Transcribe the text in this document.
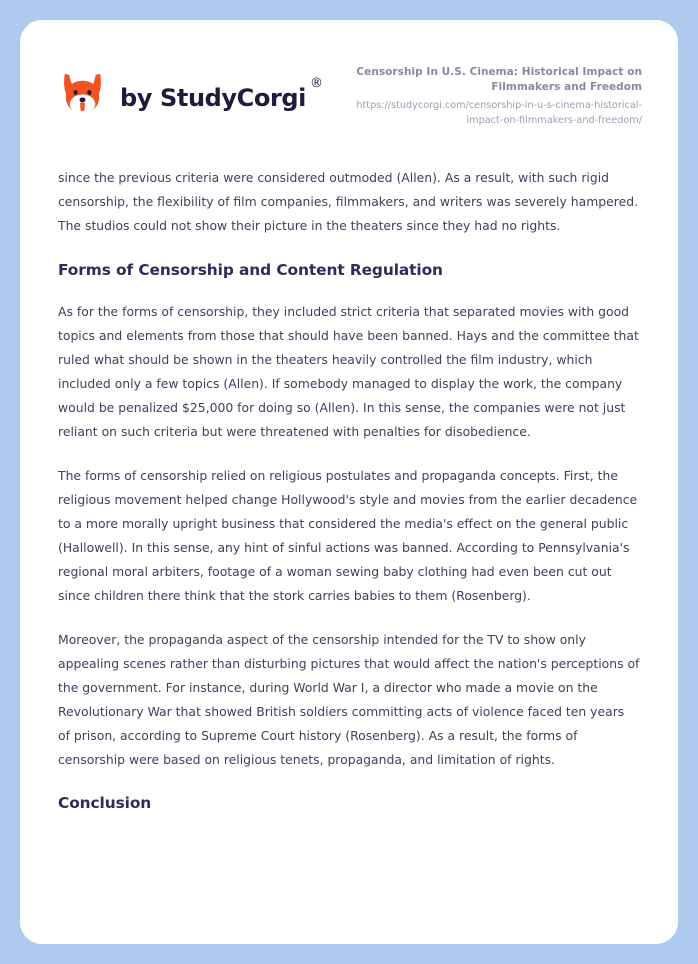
by StudyCorgi
®
Censorship In U.S. Cinema: Historical Impact on Filmmakers and Freedom
https://studycorgi.com/censorship-in-u-s-cinema-historical-impact-on-filmmakers-and-freedom/

since the previous criteria were considered outmoded (Allen). As a result, with such rigid censorship, the flexibility of film companies, filmmakers, and writers was severely hampered. The studios could not show their picture in the theaters since they had no rights.

Forms of Censorship and Content Regulation

As for the forms of censorship, they included strict criteria that separated movies with good topics and elements from those that should have been banned. Hays and the committee that ruled what should be shown in the theaters heavily controlled the film industry, which included only a few topics (Allen). If somebody managed to display the work, the company would be penalized $25,000 for doing so (Allen). In this sense, the companies were not just reliant on such criteria but were threatened with penalties for disobedience.

The forms of censorship relied on religious postulates and propaganda concepts. First, the religious movement helped change Hollywood's style and movies from the earlier decadence to a more morally upright business that considered the media's effect on the general public (Hallowell). In this sense, any hint of sinful actions was banned. According to Pennsylvania's regional moral arbiters, footage of a woman sewing baby clothing had even been cut out since children there think that the stork carries babies to them (Rosenberg).

Moreover, the propaganda aspect of the censorship intended for the TV to show only appealing scenes rather than disturbing pictures that would affect the nation's perceptions of the government. For instance, during World War I, a director who made a movie on the Revolutionary War that showed British soldiers committing acts of violence faced ten years of prison, according to Supreme Court history (Rosenberg). As a result, the forms of censorship were based on religious tenets, propaganda, and limitation of rights.

Conclusion
